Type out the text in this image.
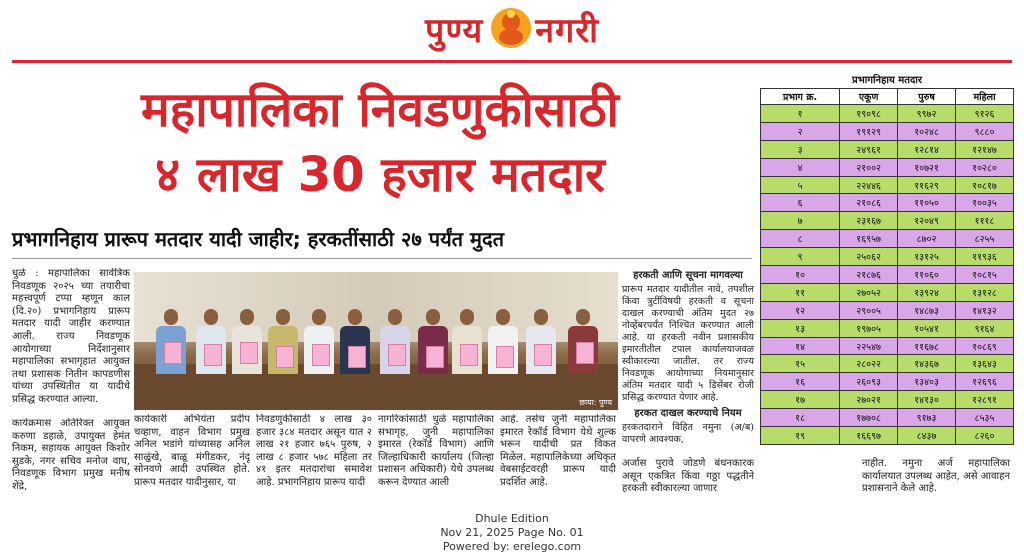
पुण्य नगरी
महापालिका निवडणुकीसाठी
४ लाख 30 हजार मतदार
प्रभागनिहाय प्रारूप मतदार यादी जाहीर; हरकतींसाठी २७ पर्यंत मुदत
धुळे : महापालिका सार्वत्रिक निवडणूक २०२५ च्या तयारीचा महत्त्वपूर्ण टप्पा म्हणून काल (दि.२०) प्रभागनिहाय प्रारूप मतदार यादी जाहीर करण्यात आली. राज्य निवडणूक आयोगाच्या निर्देशानुसार महापालिका सभागृहात आयुक्त तथा प्रशासक नितीन कापडणीस यांच्या उपस्थितीत या यादीचे प्रसिद्ध करण्यात आल्या.
कार्यक्रमास अतिरिक्त आयुक्त करुणा डहाळे, उपायुक्त हेमंत निकम, सहायक आयुक्त किशोर सुडके, नगर सचिव मनोज वाघ, निवडणूक विभाग प्रमुख मनीष शेंद्रे,
छाया: पुण्य
कार्यकारी अभियंता प्रदीप चव्हाण, वाहन विभाग प्रमुख अनिल भडांगे यांच्यासह अनिल साळुंखे, बाळू मंगीडकर, नंदू सोनवणे आदी उपस्थित होते. प्रारूप मतदार यादीनुसार, या
निवडणुकीसाठी ४ लाख ३० हजार ३८४ मतदार असून यात २ लाख २१ हजार ७६५ पुरुष, २ लाख ८ हजार ५७८ महिला तर ४१ इतर मतदारांचा समावेश आहे. प्रभागनिहाय प्रारूप यादी
नागरिकांसाठी धुळे महापालिका सभागृह, जुनी महापालिका इमारत (रेकॉर्ड विभाग) आणि जिल्हाधिकारी कार्यालय (जिल्हा प्रशासन अधिकारी) येथे उपलब्ध करून देण्यात आली
आहे. तसेच जुनी महापालिका इमारत रेकॉर्ड विभाग येथे शुल्क भरून यादीची प्रत विकत मिळेल. महापालिकेच्या अधिकृत वेबसाईटवरही प्रारूप यादी प्रदर्शित आहे.
हरकती आणि सूचना मागवल्या
प्रारूप मतदार यादीतील नावे, तपशील किंवा त्रुटींविषयी हरकती व सूचना दाखल करण्याची अंतिम मुदत २७ नोव्हेंबरपर्यंत निश्चित करण्यात आली आहे. या हरकती नवीन प्रशासकीय इमारतीतील टपाल कार्यालयाजवळ स्वीकारल्या जातील. तर राज्य निवडणूक आयोगाच्या नियमानुसार अंतिम मतदार यादी ५ डिसेंबर रोजी प्रसिद्ध करण्यात येणार आहे.
हरकत दाखल करण्याचे नियम
हरकतदाराने विहित नमुना (अ/ब) वापरणे आवश्यक,
प्रभागनिहाय मतदार
प्रभाग क्र.	एकूण	पुरुष	महिला
१	१९०९८	९९७२	९१२६
२	१९१२९	१०२४८	९८८०
३	२४९६१	१२८१४	१२१४७
४	२१००२	१०७२१	१०२८०
५	२२४४६	११६२९	१०८१७
६	२१०८६	११०५०	१००३५
७	२३१६७	१२०४९	१११८
८	१६९५७	८७०२	८२५५
९	२५०६२	१३१२५	११९३६
१०	२१८७६	११०६०	१०८१५
११	२७०५२	१३९२४	१३१२८
१२	२९००५	१४८७३	१४१३२
१३	१९७०५	१०५४१	९१६४
१४	२२५४७	११६७८	१०८६९
१५	२८०२२	१४३६७	१३६४३
१६	२६०९३	१३४०३	१२६९६
१७	२७०२१	१४१३०	१२८९१
१८	१७७०८	९१७३	८५३५
१९	१६६९७	८४३७	८२६०
अर्जास पुरावे जोडणे बंधनकारक असून एकत्रित किंवा गठ्ठा पद्धतीने हरकती स्वीकारल्या जाणार
नाहीत. नमुना अर्ज महापालिका कार्यालयात उपलब्ध आहेत, असे आवाहन प्रशासनाने केले आहे.
Dhule Edition
Nov 21, 2025 Page No. 01
Powered by: erelego.com
